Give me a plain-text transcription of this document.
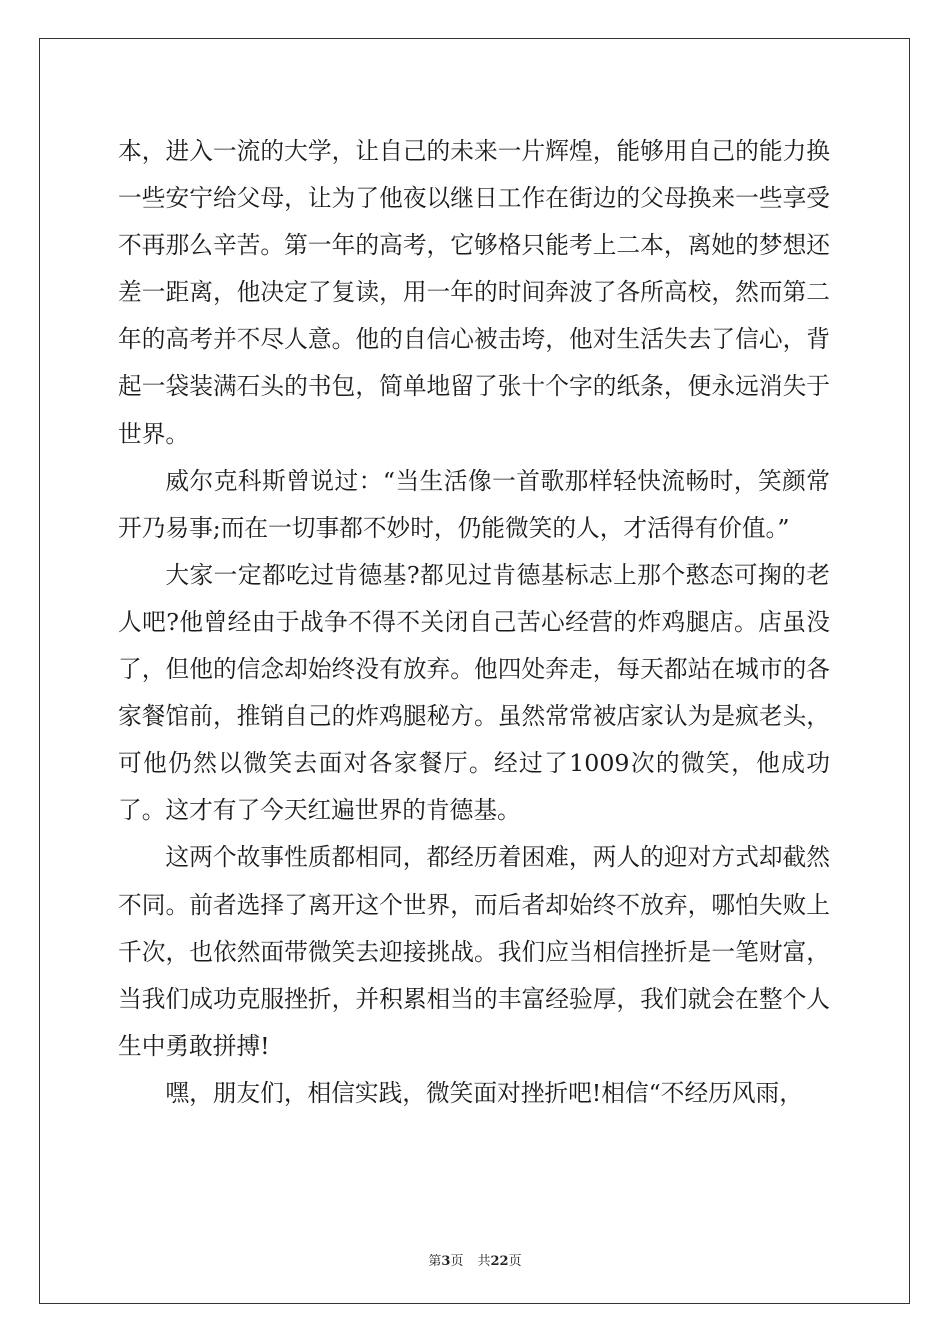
本，进入一流的大学，让自己的未来一片辉煌，能够用自己的能力换一些安宁给父母，让为了他夜以继日工作在街边的父母换来一些享受不再那么辛苦。第一年的高考，它够格只能考上二本，离她的梦想还差一距离，他决定了复读，用一年的时间奔波了各所高校，然而第二年的高考并不尽人意。他的自信心被击垮，他对生活失去了信心，背起一袋装满石头的书包，简单地留了张十个字的纸条，便永远消失于世界。

威尔克科斯曾说过：“当生活像一首歌那样轻快流畅时，笑颜常开乃易事;而在一切事都不妙时，仍能微笑的人，才活得有价值。”

大家一定都吃过肯德基?都见过肯德基标志上那个憨态可掬的老人吧?他曾经由于战争不得不关闭自己苦心经营的炸鸡腿店。店虽没了，但他的信念却始终没有放弃。他四处奔走，每天都站在城市的各家餐馆前，推销自己的炸鸡腿秘方。虽然常常被店家认为是疯老头，可他仍然以微笑去面对各家餐厅。经过了1009次的微笑，他成功了。这才有了今天红遍世界的肯德基。

这两个故事性质都相同，都经历着困难，两人的迎对方式却截然不同。前者选择了离开这个世界，而后者却始终不放弃，哪怕失败上千次，也依然面带微笑去迎接挑战。我们应当相信挫折是一笔财富，当我们成功克服挫折，并积累相当的丰富经验厚，我们就会在整个人生中勇敢拼搏!

嘿，朋友们，相信实践，微笑面对挫折吧!相信“不经历风雨，

第3页 共22页
